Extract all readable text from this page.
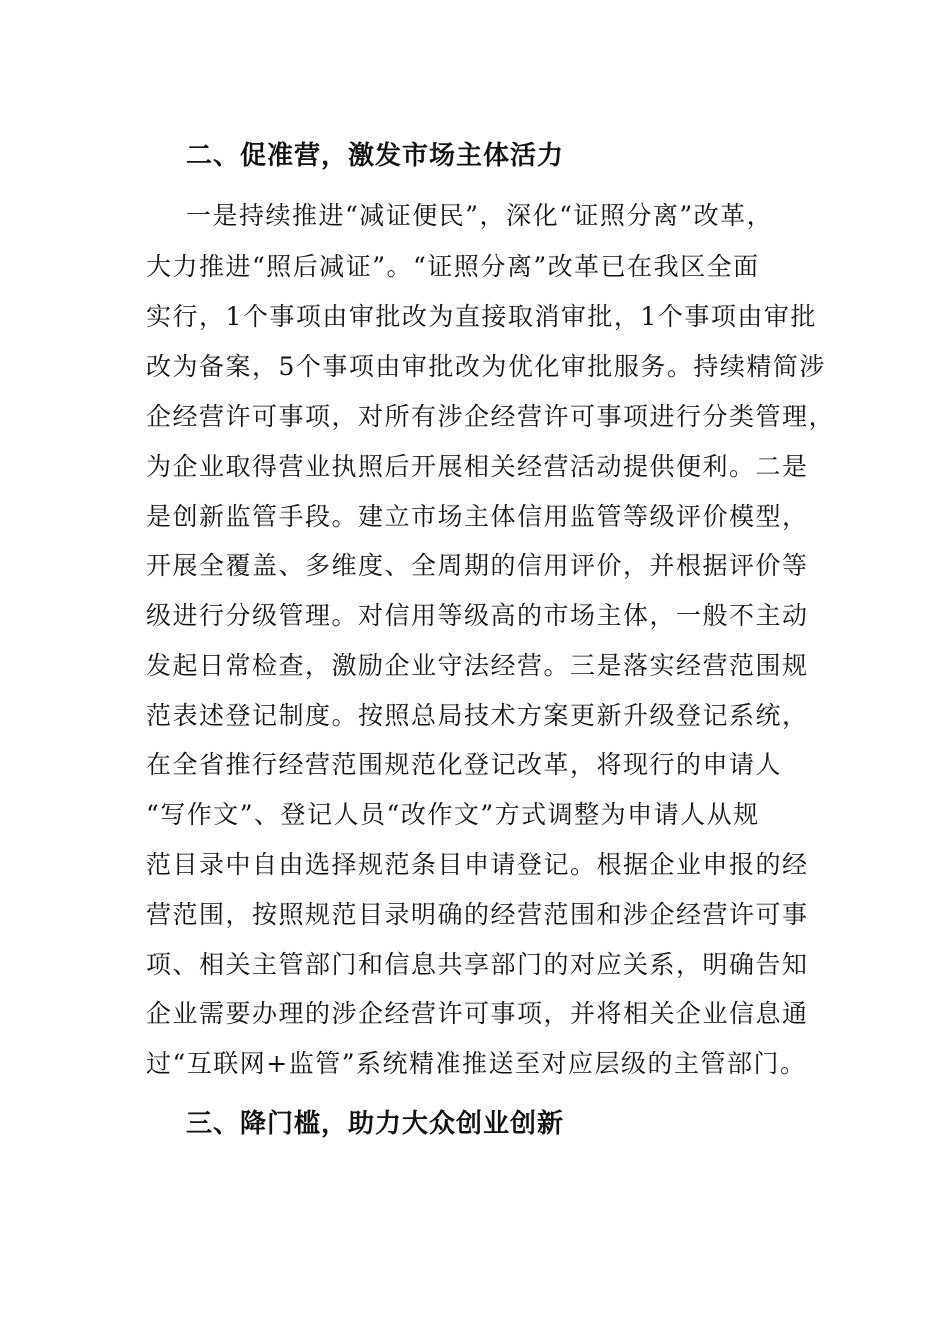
二、促准营，激发市场主体活力
一是持续推进“减证便民”，深化“证照分离”改革，
大力推进“照后减证”。“证照分离”改革已在我区全面
实行，1个事项由审批改为直接取消审批，1个事项由审批
改为备案，5个事项由审批改为优化审批服务。持续精简涉
企经营许可事项，对所有涉企经营许可事项进行分类管理，
为企业取得营业执照后开展相关经营活动提供便利。二是
是创新监管手段。建立市场主体信用监管等级评价模型，
开展全覆盖、多维度、全周期的信用评价，并根据评价等
级进行分级管理。对信用等级高的市场主体，一般不主动
发起日常检查，激励企业守法经营。三是落实经营范围规
范表述登记制度。按照总局技术方案更新升级登记系统，
在全省推行经营范围规范化登记改革，将现行的申请人
“写作文”、登记人员“改作文”方式调整为申请人从规
范目录中自由选择规范条目申请登记。根据企业申报的经
营范围，按照规范目录明确的经营范围和涉企经营许可事
项、相关主管部门和信息共享部门的对应关系，明确告知
企业需要办理的涉企经营许可事项，并将相关企业信息通
过“互联网+监管”系统精准推送至对应层级的主管部门。
三、降门槛，助力大众创业创新
